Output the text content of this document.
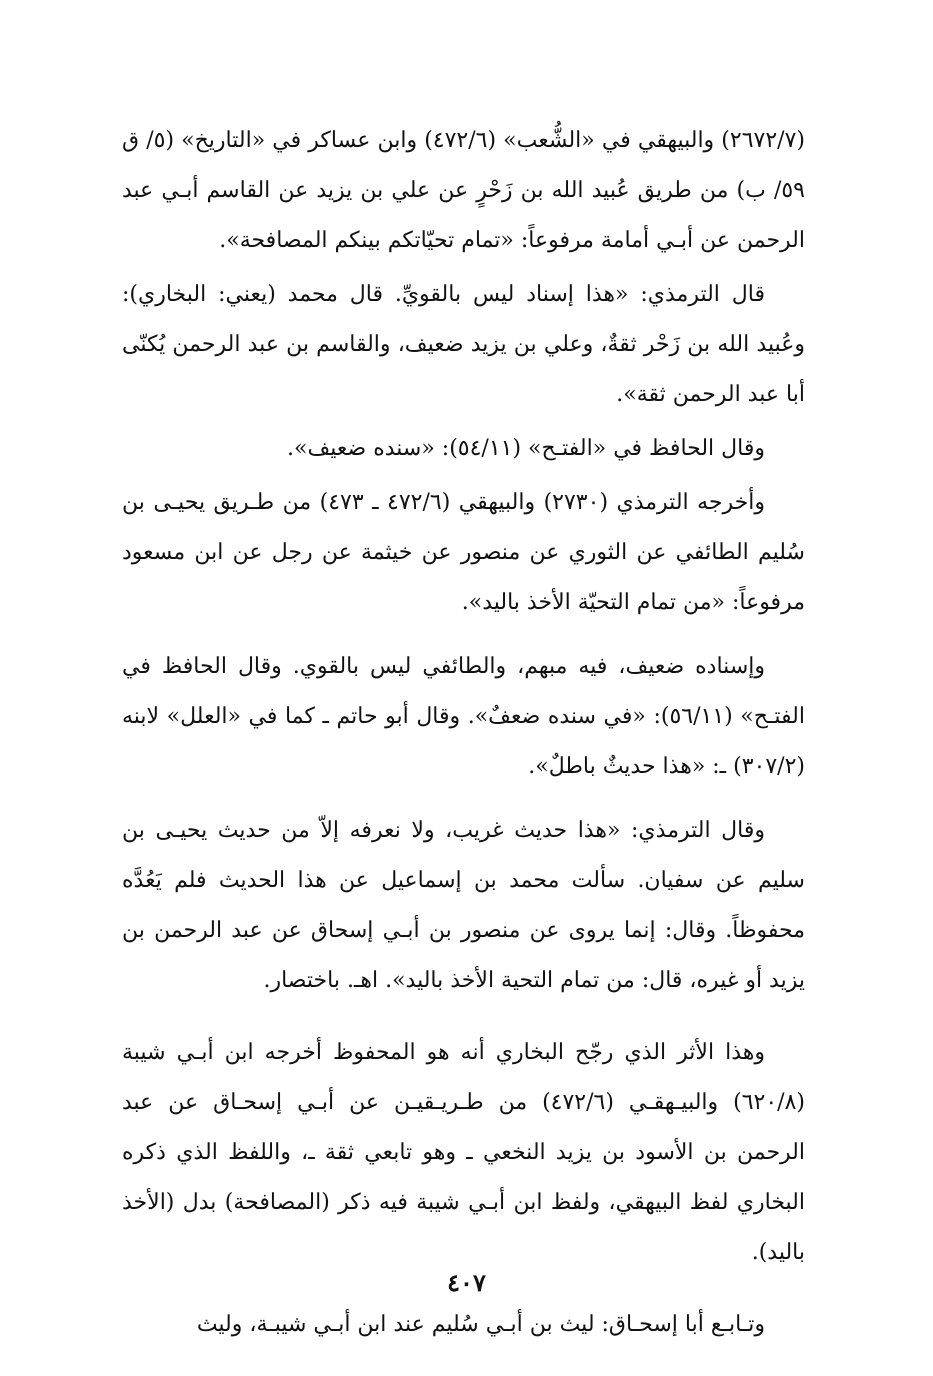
(٢٦٧٢/٧) والبيهقي في «الشُّعب» (٤٧٢/٦) وابن عساكر في «التاريخ» (٥/ ق ٥٩/ ب) من طريق عُبيد الله بن زَحْرٍ عن علي بن يزيد عن القاسم أبـي عبد الرحمن عن أبـي أمامة مرفوعاً: «تمام تحيّاتكم بينكم المصافحة».

قال الترمذي: «هذا إسناد ليس بالقويِّ. قال محمد (يعني: البخاري): وعُبيد الله بن زَحْر ثقةٌ، وعلي بن يزيد ضعيف، والقاسم بن عبد الرحمن يُكنّى أبا عبد الرحمن ثقة».

وقال الحافظ في «الفتـح» (٥٤/١١): «سنده ضعيف».

وأخرجه الترمذي (٢٧٣٠) والبيهقي (٤٧٢/٦ ـ ٤٧٣) من طـريق يحيـى بن سُليم الطائفي عن الثوري عن منصور عن خيثمة عن رجل عن ابن مسعود مرفوعاً: «من تمام التحيّة الأخذ باليد».

وإسناده ضعيف، فيه مبهم، والطائفي ليس بالقوي. وقال الحافظ في الفتـح» (٥٦/١١): «في سنده ضعفٌ». وقال أبو حاتم ـ كما في «العلل» لابنه (٣٠٧/٢) ـ: «هذا حديثٌ باطلٌ».

وقال الترمذي: «هذا حديث غريب، ولا نعرفه إلاّ من حديث يحيـى بن سليم عن سفيان. سألت محمد بن إسماعيل عن هذا الحديث فلم يَعُدَّه محفوظاً. وقال: إنما يروى عن منصور بن أبـي إسحاق عن عبد الرحمن بن يزيد أو غيره، قال: من تمام التحية الأخذ باليد». اهـ. باختصار.

وهذا الأثر الذي رجّح البخاري أنه هو المحفوظ أخرجه ابن أبـي شيبة (٦٢٠/٨) والبيـهقـي (٤٧٢/٦) من طـريـقيـن عن أبـي إسحـاق عن عبد الرحمن بن الأسود بن يزيد النخعي ـ وهو تابعي ثقة ـ، واللفظ الذي ذكره البخاري لفظ البيهقي، ولفظ ابن أبـي شيبة فيه ذكر (المصافحة) بدل (الأخذ باليد).

وتـابـع أبا إسحـاق: ليث بن أبـي سُليم عند ابن أبـي شيبـة، وليث

٤٠٧
